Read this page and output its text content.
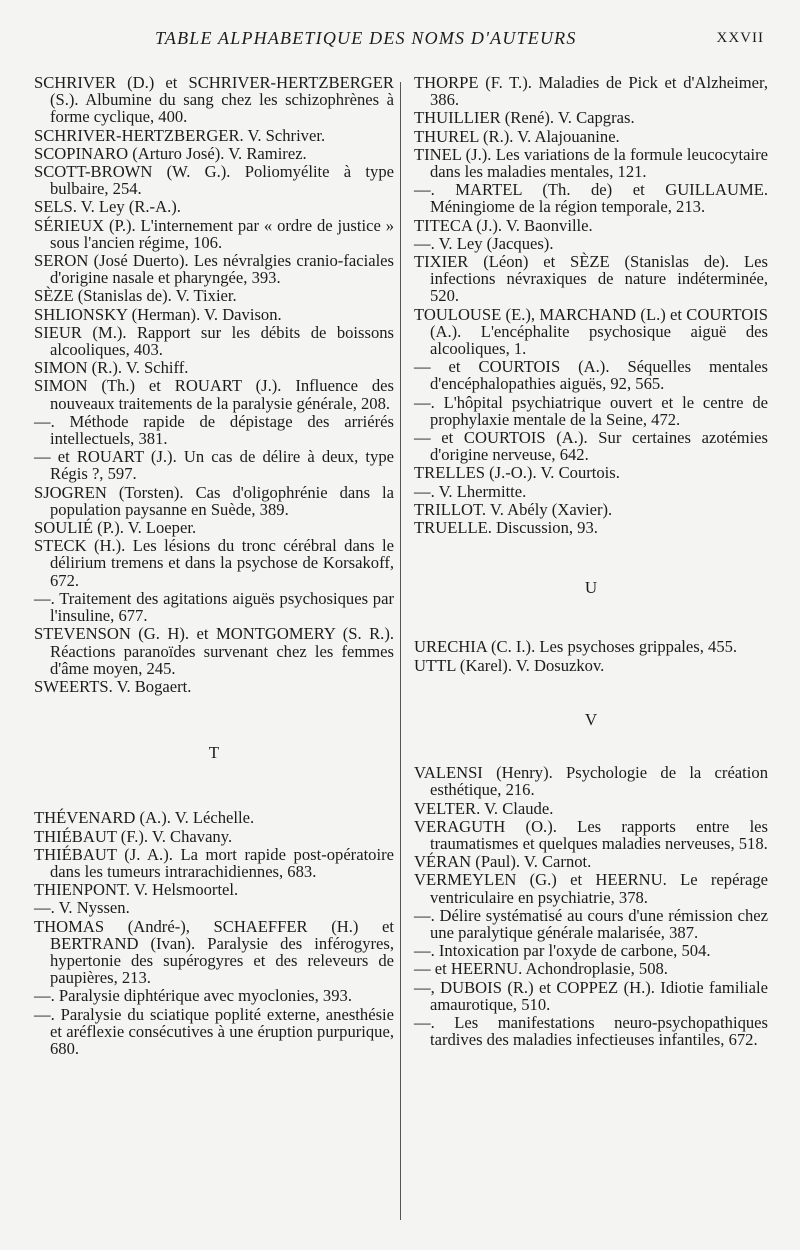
TABLE ALPHABETIQUE DES NOMS D'AUTEURS	XXVII

SCHRIVER (D.) et SCHRIVER-HERTZBERGER (S.). Albumine du sang chez les schizophrènes à forme cyclique, 400.

SCHRIVER-HERTZBERGER. V. Schriver.

SCOPINARO (Arturo José). V. Ramirez.

SCOTT-BROWN (W. G.). Poliomyélite à type bulbaire, 254.

SELS. V. Ley (R.-A.).

SÉRIEUX (P.). L'internement par « ordre de justice » sous l'ancien régime, 106.

SERON (José Duerto). Les névralgies cranio-faciales d'origine nasale et pharyngée, 393.

SÈZE (Stanislas de). V. Tixier.

SHLIONSKY (Herman). V. Davison.

SIEUR (M.). Rapport sur les débits de boissons alcooliques, 403.

SIMON (R.). V. Schiff.

SIMON (Th.) et ROUART (J.). Influence des nouveaux traitements de la paralysie générale, 208.

—. Méthode rapide de dépistage des arriérés intellectuels, 381.

— et ROUART (J.). Un cas de délire à deux, type Régis ?, 597.

SJOGREN (Torsten). Cas d'oligophrénie dans la population paysanne en Suède, 389.

SOULIÉ (P.). V. Loeper.

STECK (H.). Les lésions du tronc cérébral dans le délirium tremens et dans la psychose de Korsakoff, 672.

—. Traitement des agitations aiguës psychosiques par l'insuline, 677.

STEVENSON (G. H). et MONTGOMERY (S. R.). Réactions paranoïdes survenant chez les femmes d'âme moyen, 245.

SWEERTS. V. Bogaert.

T

THÉVENARD (A.). V. Léchelle.

THIÉBAUT (F.). V. Chavany.

THIÉBAUT (J. A.). La mort rapide post-opératoire dans les tumeurs intrarachidiennes, 683.

THIENPONT. V. Helsmoortel.

—. V. Nyssen.

THOMAS (André-), SCHAEFFER (H.) et BERTRAND (Ivan). Paralysie des inférogyres, hypertonie des supérogyres et des releveurs de paupières, 213.

—. Paralysie diphtérique avec myoclonies, 393.

—. Paralysie du sciatique poplité externe, anesthésie et aréflexie consécutives à une éruption purpurique, 680.

THORPE (F. T.). Maladies de Pick et d'Alzheimer, 386.

THUILLIER (René). V. Capgras.

THUREL (R.). V. Alajouanine.

TINEL (J.). Les variations de la formule leucocytaire dans les maladies mentales, 121.

—. MARTEL (Th. de) et GUILLAUME. Méningiome de la région temporale, 213.

TITECA (J.). V. Baonville.

—. V. Ley (Jacques).

TIXIER (Léon) et SÈZE (Stanislas de). Les infections névraxiques de nature indéterminée, 520.

TOULOUSE (E.), MARCHAND (L.) et COURTOIS (A.). L'encéphalite psychosique aiguë des alcooliques, 1.

— et COURTOIS (A.). Séquelles mentales d'encéphalopathies aiguës, 92, 565.

—. L'hôpital psychiatrique ouvert et le centre de prophylaxie mentale de la Seine, 472.

— et COURTOIS (A.). Sur certaines azotémies d'origine nerveuse, 642.

TRELLES (J.-O.). V. Courtois.

—. V. Lhermitte.

TRILLOT. V. Abély (Xavier).

TRUELLE. Discussion, 93.

U

URECHIA (C. I.). Les psychoses grippales, 455.

UTTL (Karel). V. Dosuzkov.

V

VALENSI (Henry). Psychologie de la création esthétique, 216.

VELTER. V. Claude.

VERAGUTH (O.). Les rapports entre les traumatismes et quelques maladies nerveuses, 518.

VÉRAN (Paul). V. Carnot.

VERMEYLEN (G.) et HEERNU. Le repérage ventriculaire en psychiatrie, 378.

—. Délire systématisé au cours d'une rémission chez une paralytique générale malarisée, 387.

—. Intoxication par l'oxyde de carbone, 504.

— et HEERNU. Achondroplasie, 508.

—, DUBOIS (R.) et COPPEZ (H.). Idiotie familiale amaurotique, 510.

—. Les manifestations neuro-psychopathiques tardives des maladies infectieuses infantiles, 672.
